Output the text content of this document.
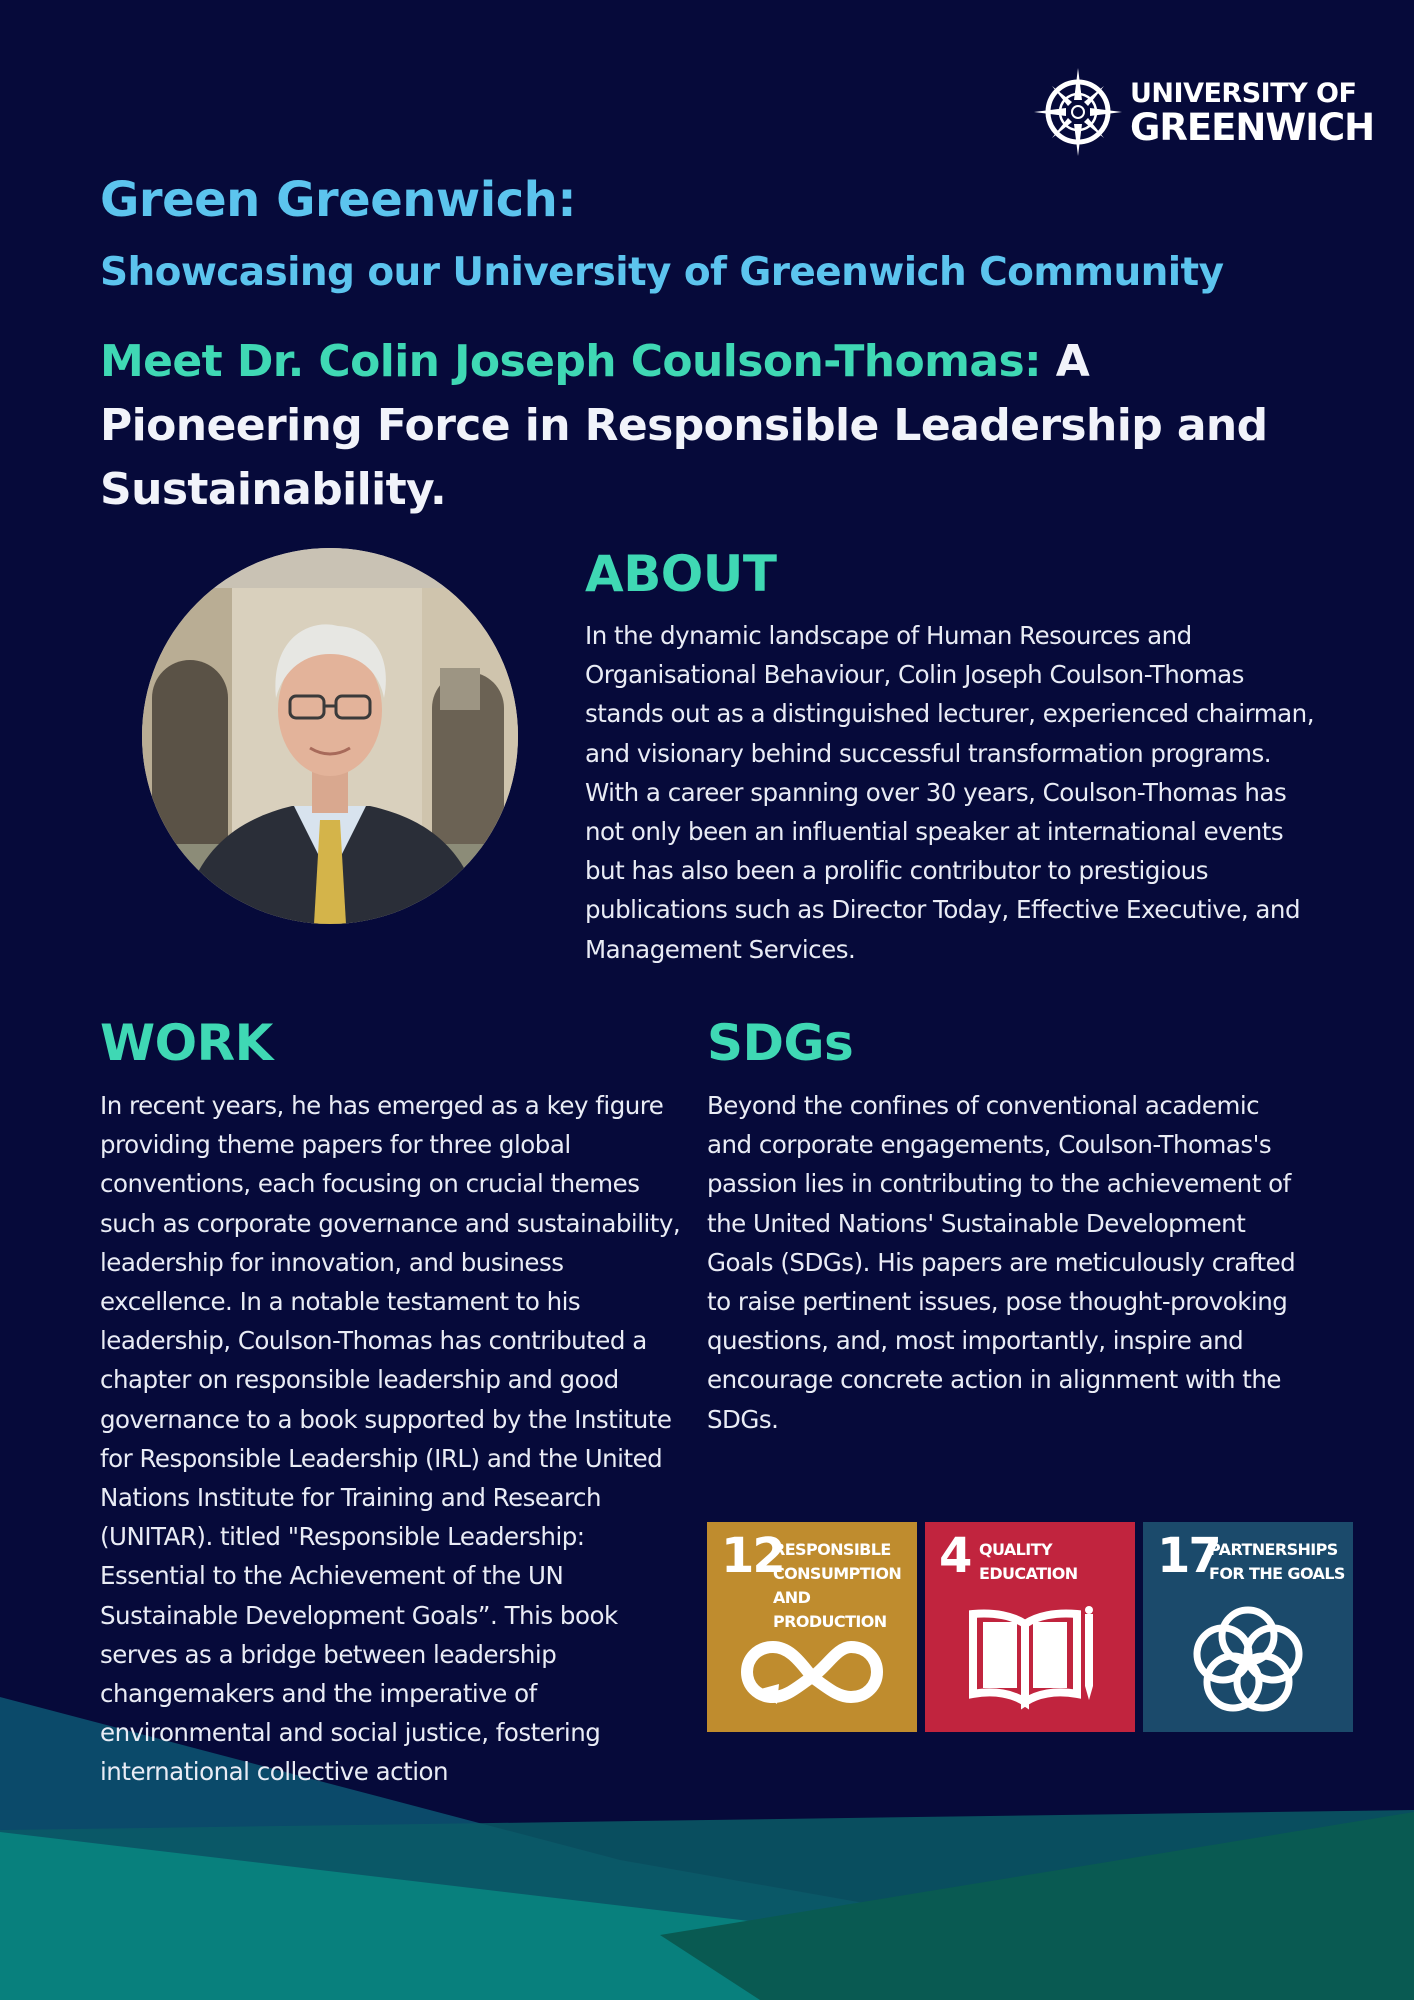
UNIVERSITY OF
GREENWICH
Green Greenwich:
Showcasing our University of Greenwich Community

Meet Dr. Colin Joseph Coulson-Thomas: A Pioneering Force in Responsible Leadership and Sustainability.

ABOUT

In the dynamic landscape of Human Resources and Organisational Behaviour, Colin Joseph Coulson-Thomas stands out as a distinguished lecturer, experienced chairman, and visionary behind successful transformation programs. With a career spanning over 30 years, Coulson-Thomas has not only been an influential speaker at international events but has also been a prolific contributor to prestigious publications such as Director Today, Effective Executive, and Management Services.

WORK

In recent years, he has emerged as a key figure providing theme papers for three global conventions, each focusing on crucial themes such as corporate governance and sustainability, leadership for innovation, and business excellence. In a notable testament to his leadership, Coulson-Thomas has contributed a chapter on responsible leadership and good governance to a book supported by the Institute for Responsible Leadership (IRL) and the United Nations Institute for Training and Research (UNITAR). titled "Responsible Leadership: Essential to the Achievement of the UN Sustainable Development Goals”. This book serves as a bridge between leadership changemakers and the imperative of environmental and social justice, fostering international collective action

SDGs

Beyond the confines of conventional academic and corporate engagements, Coulson-Thomas's passion lies in contributing to the achievement of the United Nations' Sustainable Development Goals (SDGs). His papers are meticulously crafted to raise pertinent issues, pose thought-provoking questions, and, most importantly, inspire and encourage concrete action in alignment with the SDGs.

12
RESPONSIBLE
CONSUMPTION
AND PRODUCTION
4 QUALITY
EDUCATION 17
PARTNERSHIPS
FOR THE GOALS
